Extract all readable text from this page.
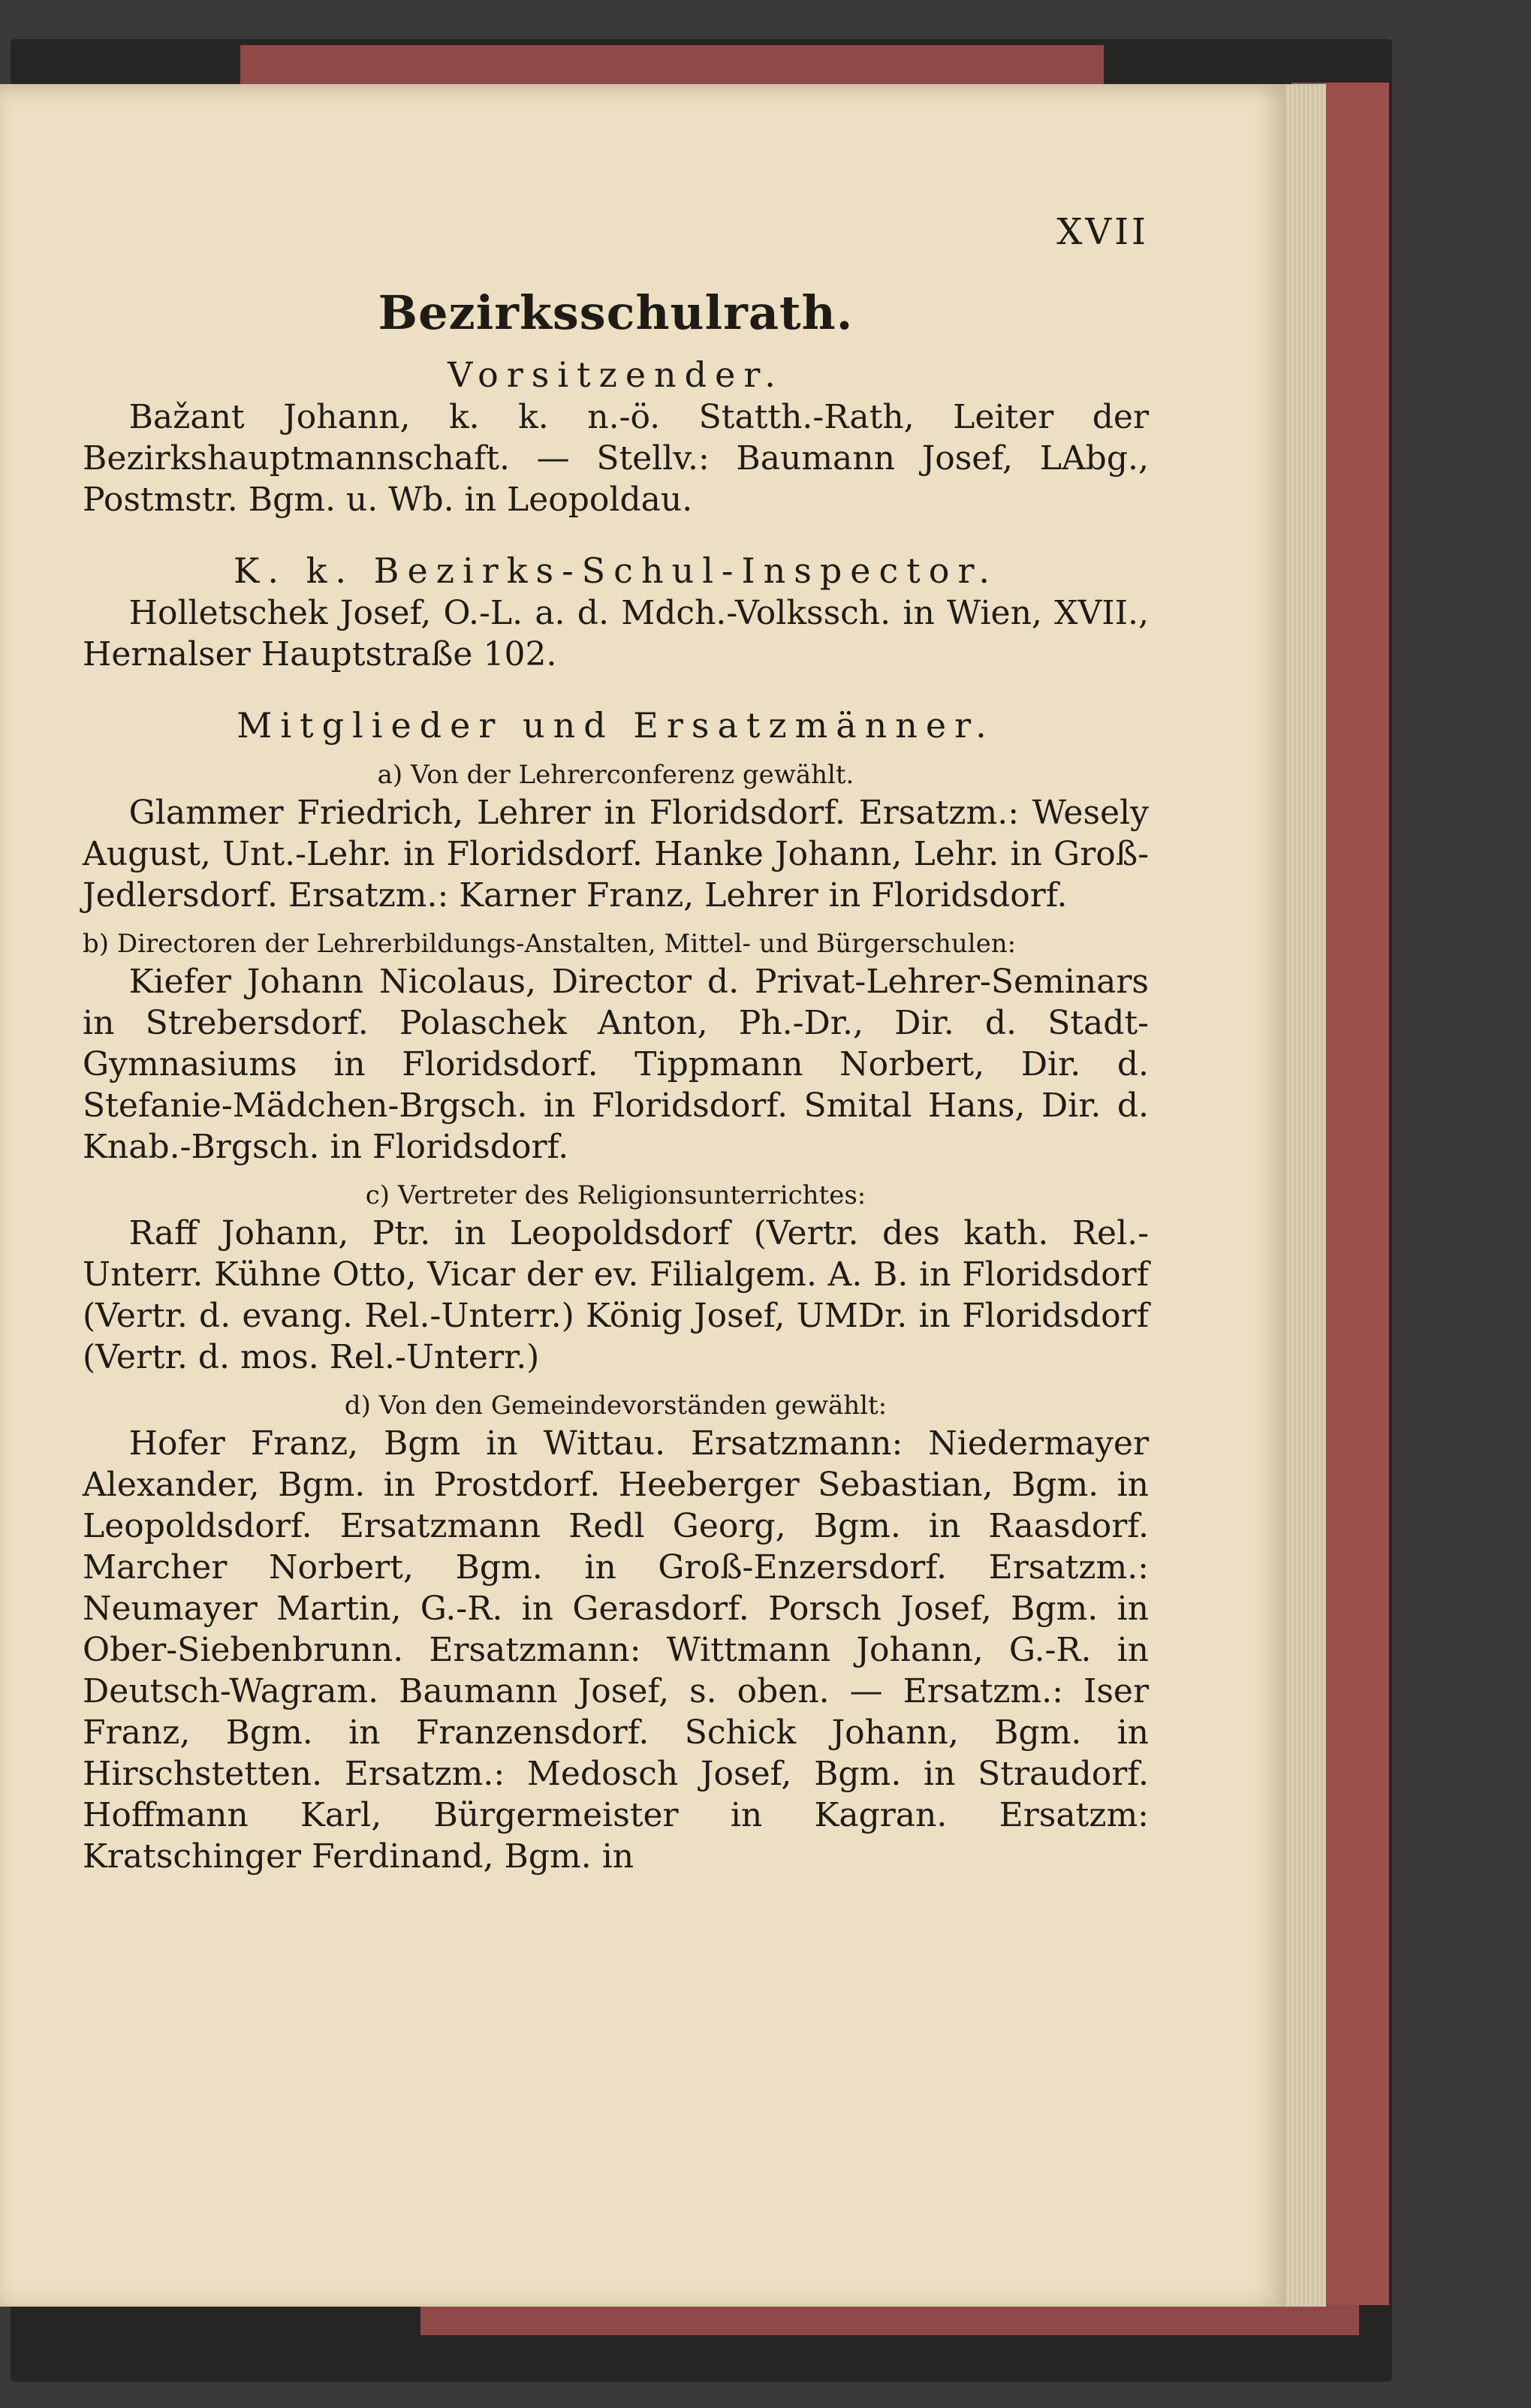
XVII
Bezirksschulrath.
Vorsitzender.

Bažant Johann, k. k. n.-ö. Statth.-Rath, Leiter der Bezirkshauptmannschaft. — Stellv.: Baumann Josef, LAbg., Postmstr. Bgm. u. Wb. in Leopoldau.

K. k. Bezirks-Schul-Inspector.

Holletschek Josef, O.-L. a. d. Mdch.-Volkssch. in Wien, XVII., Hernalser Hauptstraße 102.

Mitglieder und Ersatzmänner.
a) Von der Lehrerconferenz gewählt.

Glammer Friedrich, Lehrer in Floridsdorf. Ersatzm.: Wesely August, Unt.-Lehr. in Floridsdorf. Hanke Johann, Lehr. in Groß-Jedlersdorf. Ersatzm.: Karner Franz, Lehrer in Floridsdorf.

b) Directoren der Lehrerbildungs-Anstalten, Mittel- und Bürgerschulen:

Kiefer Johann Nicolaus, Director d. Privat-Lehrer-Seminars in Strebersdorf. Polaschek Anton, Ph.-Dr., Dir. d. Stadt-Gymnasiums in Floridsdorf. Tippmann Norbert, Dir. d. Stefanie-Mädchen-Brgsch. in Floridsdorf. Smital Hans, Dir. d. Knab.-Brgsch. in Floridsdorf.

c) Vertreter des Religionsunterrichtes:

Raff Johann, Ptr. in Leopoldsdorf (Vertr. des kath. Rel.-Unterr. Kühne Otto, Vicar der ev. Filialgem. A. B. in Floridsdorf (Vertr. d. evang. Rel.-Unterr.) König Josef, UMDr. in Floridsdorf (Vertr. d. mos. Rel.-Unterr.)

d) Von den Gemeindevorständen gewählt:

Hofer Franz, Bgm in Wittau. Ersatzmann: Niedermayer Alexander, Bgm. in Prostdorf. Heeberger Sebastian, Bgm. in Leopoldsdorf. Ersatzmann Redl Georg, Bgm. in Raasdorf. Marcher Norbert, Bgm. in Groß-Enzersdorf. Ersatzm.: Neumayer Martin, G.-R. in Gerasdorf. Porsch Josef, Bgm. in Ober-Siebenbrunn. Ersatzmann: Wittmann Johann, G.-R. in Deutsch-Wagram. Baumann Josef, s. oben. — Ersatzm.: Iser Franz, Bgm. in Franzensdorf. Schick Johann, Bgm. in Hirschstetten. Ersatzm.: Medosch Josef, Bgm. in Straudorf. Hoffmann Karl, Bürgermeister in Kagran. Ersatzm: Kratschinger Ferdinand, Bgm. in
